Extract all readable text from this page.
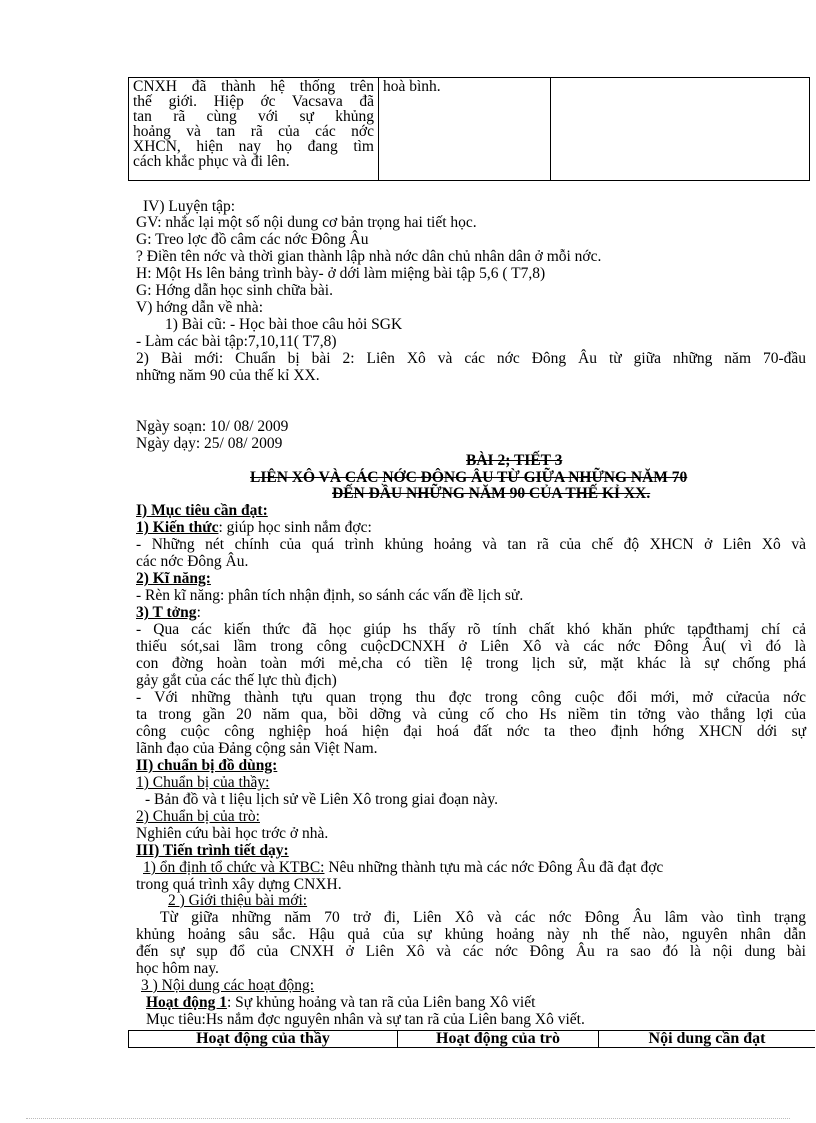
CNXH đã thành hệ thống trên
thế giới. Hiệp ớc Vacsava đã
tan rã cùng với sự khủng
hoảng và tan rã của các nớc
XHCN, hiện nay họ đang tìm
cách khắc phục và đi lên.
	hoà bình.	
IV) Luyện tập:
GV: nhắc lại một số nội dung cơ bản trọng hai tiết học.
G: Treo lợc đồ câm các nớc Đông Âu
? Điền tên nớc và thời gian thành lập nhà nớc dân chủ nhân dân ở mỗi nớc.
H: Một Hs lên bảng trình bày- ở dới làm miệng bài tập 5,6 ( T7,8)
G: Hớng dẫn học sinh chữa bài.
V) hớng dẫn về nhà:
1) Bài cũ: - Học bài thoe câu hỏi SGK
- Làm các bài tập:7,10,11( T7,8)
2) Bài mới: Chuẩn bị bài 2: Liên Xô và các nớc Đông Âu từ giữa những năm 70-đầu
những năm 90 của thế kỉ XX.
Ngày soạn: 10/ 08/ 2009
Ngày dạy: 25/ 08/ 2009
BÀI 2; TIẾT 3
LIÊN XÔ VÀ CÁC NỚC ĐÔNG ÂU TỪ GIỮA NHỮNG NĂM 70
ĐẾN ĐẦU NHỮNG NĂM 90 CỦA THẾ KỈ XX.
I) Mục tiêu cần đạt:
1) Kiến thức: giúp học sinh nắm đợc:
- Những nét chính của quá trình khủng hoảng và tan rã của chế độ XHCN ở Liên Xô và
các nớc Đông Âu.
2) Kĩ năng:
- Rèn kĩ năng: phân tích nhận định, so sánh các vấn đề lịch sử.
3) T tởng:
- Qua các kiến thức đã học giúp hs thấy rõ tính chất khó khăn phức tạpđthamj chí cả
thiếu sót,sai lầm trong công cuộcDCNXH ở Liên Xô và các nớc Đông Âu( vì đó là
con đờng hoàn toàn mới mẻ,cha có tiền lệ trong lịch sử, mặt khác là sự chống phá
gảy gắt của các thế lực thù địch)
- Với những thành tựu quan trọng thu đợc trong công cuộc đổi mới, mở cửacủa nớc
ta trong gần 20 năm qua, bồi dỡng và củng cố cho Hs niềm tin tởng vào thắng lợi của
công cuộc công nghiệp hoá hiện đại hoá đất nớc ta theo định hớng XHCN dới sự
lãnh đạo của Đảng cộng sản Việt Nam.
II) chuẩn bị đồ dùng:
1) Chuẩn bị của thầy:
- Bản đồ và t liệu lịch sử về Liên Xô trong giai đoạn này.
2) Chuẩn bị của trò:
Nghiên cứu bài học trớc ở nhà.
III) Tiến trình tiết dạy:
1) ổn định tổ chức và KTBC: Nêu những thành tựu mà các nớc Đông Âu đã đạt đợc
trong quá trình xây dựng CNXH.
2 ) Giới thiệu bài mới:
Từ giữa những năm 70 trở đi, Liên Xô và các nớc Đông Âu lâm vào tình trạng
khủng hoảng sâu sắc. Hậu quả của sự khủng hoảng này nh thế nào, nguyên nhân dẫn
đến sự sụp đổ của CNXH ở Liên Xô và các nớc Đông Âu ra sao đó là nội dung bài
học hôm nay.
3 ) Nội dung các hoạt động:
Hoạt động 1: Sự khủng hoảng và tan rã của Liên bang Xô viết
Mục tiêu:Hs nắm đợc nguyên nhân và sự tan rã của Liên bang Xô viết.
Hoạt động của thầy	Hoạt động của trò	Nội dung cần đạt
